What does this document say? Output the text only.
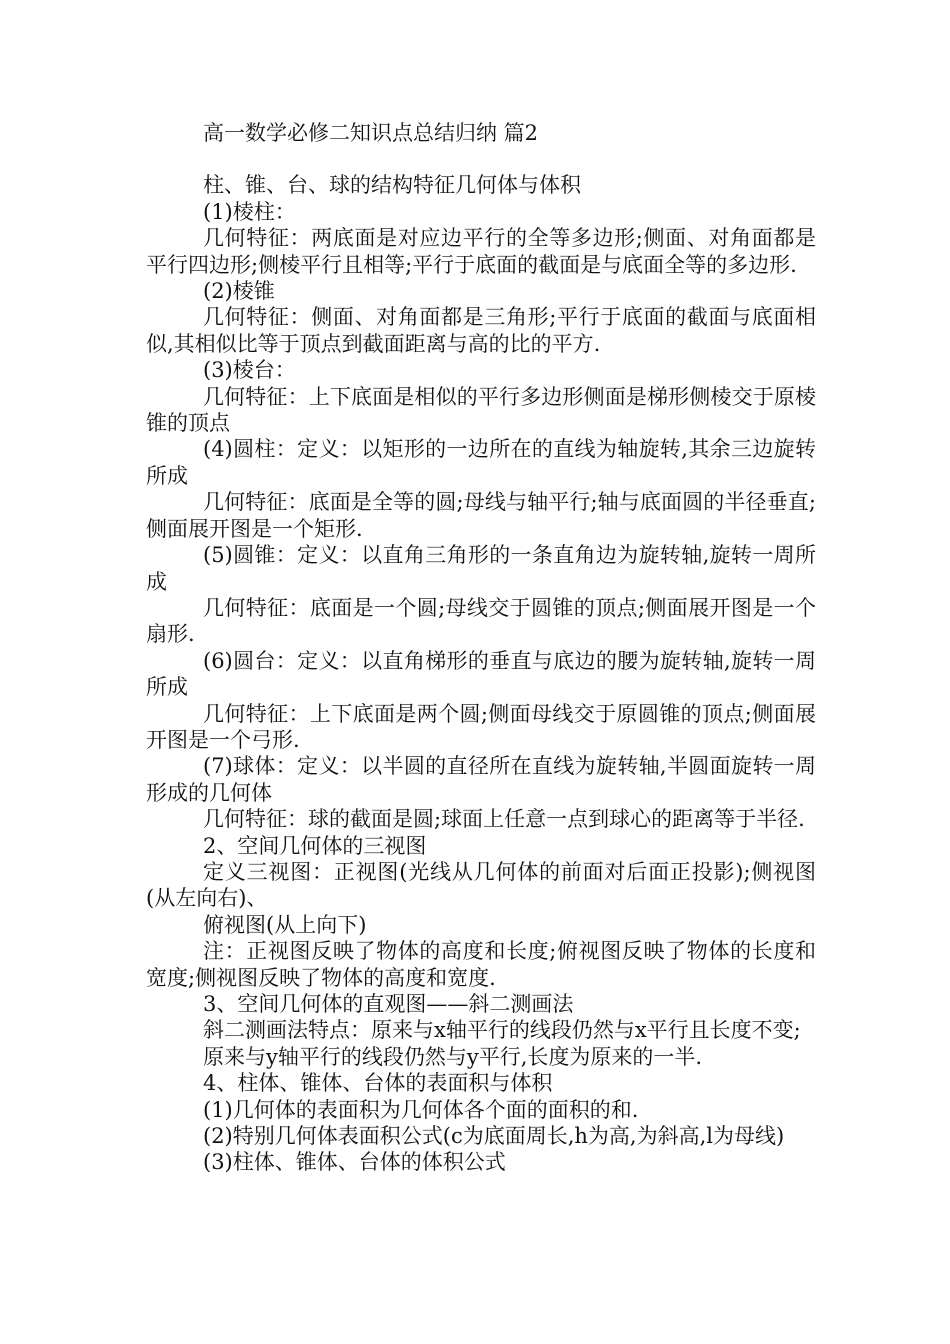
高一数学必修二知识点总结归纳 篇2

柱、锥、台、球的结构特征几何体与体积

(1)棱柱：

几何特征：两底面是对应边平行的全等多边形;侧面、对角面都是平行四边形;侧棱平行且相等;平行于底面的截面是与底面全等的多边形.

(2)棱锥

几何特征：侧面、对角面都是三角形;平行于底面的截面与底面相似,其相似比等于顶点到截面距离与高的比的平方.

(3)棱台：

几何特征：上下底面是相似的平行多边形侧面是梯形侧棱交于原棱锥的顶点

(4)圆柱：定义：以矩形的一边所在的直线为轴旋转,其余三边旋转所成

几何特征：底面是全等的圆;母线与轴平行;轴与底面圆的半径垂直;侧面展开图是一个矩形.

(5)圆锥：定义：以直角三角形的一条直角边为旋转轴,旋转一周所成

几何特征：底面是一个圆;母线交于圆锥的顶点;侧面展开图是一个扇形.

(6)圆台：定义：以直角梯形的垂直与底边的腰为旋转轴,旋转一周所成

几何特征：上下底面是两个圆;侧面母线交于原圆锥的顶点;侧面展开图是一个弓形.

(7)球体：定义：以半圆的直径所在直线为旋转轴,半圆面旋转一周形成的几何体

几何特征：球的截面是圆;球面上任意一点到球心的距离等于半径.

2、空间几何体的三视图

定义三视图：正视图(光线从几何体的前面对后面正投影);侧视图(从左向右)、

俯视图(从上向下)

注：正视图反映了物体的高度和长度;俯视图反映了物体的长度和宽度;侧视图反映了物体的高度和宽度.

3、空间几何体的直观图——斜二测画法

斜二测画法特点：原来与x轴平行的线段仍然与x平行且长度不变;

原来与y轴平行的线段仍然与y平行,长度为原来的一半.

4、柱体、锥体、台体的表面积与体积

(1)几何体的表面积为几何体各个面的面积的和.

(2)特别几何体表面积公式(c为底面周长,h为高,为斜高,l为母线)

(3)柱体、锥体、台体的体积公式
